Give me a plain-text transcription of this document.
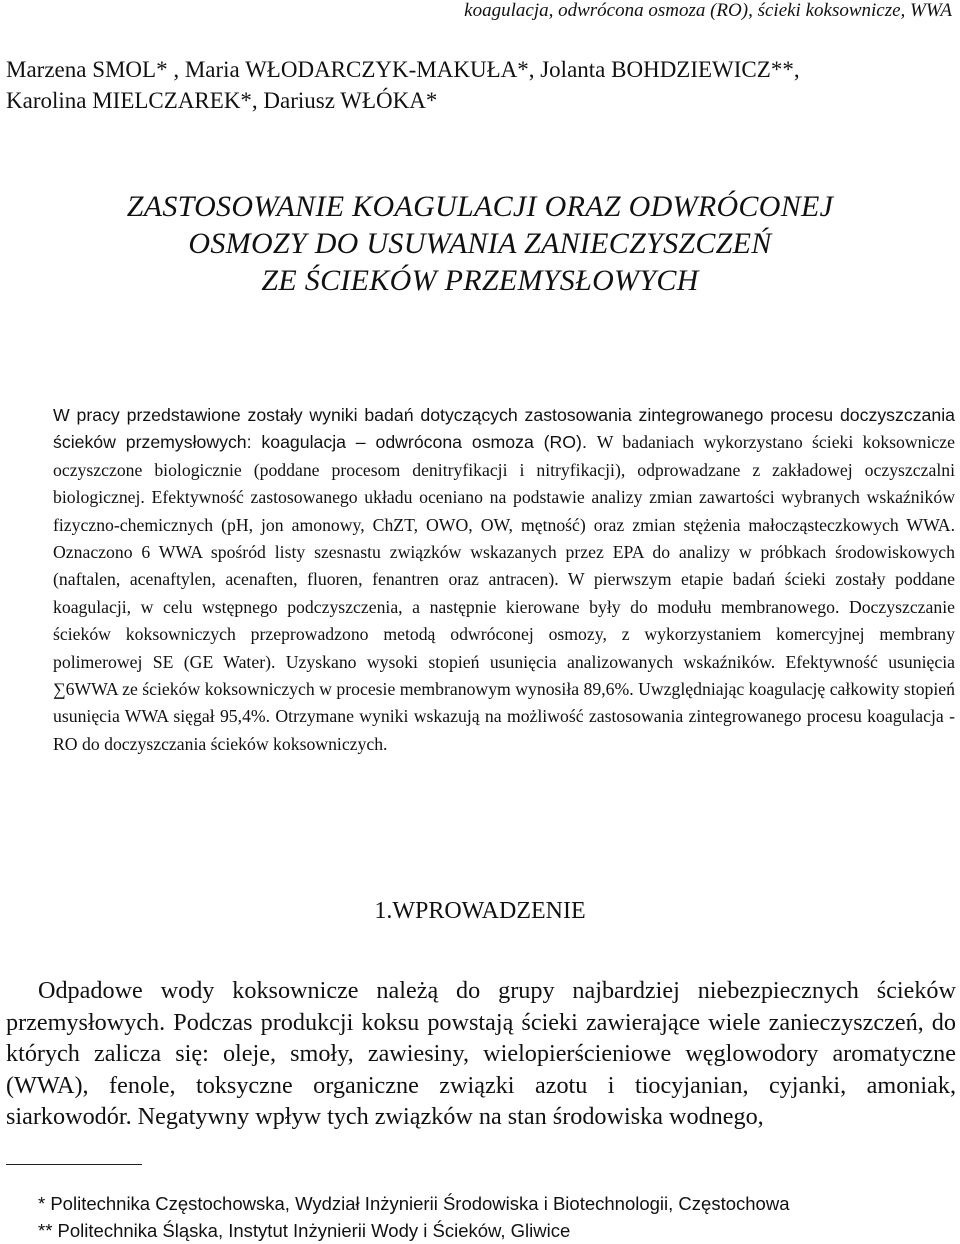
koagulacja, odwrócona osmoza (RO), ścieki koksownicze, WWA
Marzena SMOL* , Maria WŁODARCZYK-MAKUŁA*, Jolanta BOHDZIEWICZ**,
Karolina MIELCZAREK*, Dariusz WŁÓKA*
ZASTOSOWANIE KOAGULACJI ORAZ ODWRÓCONEJ
OSMOZY DO USUWANIA ZANIECZYSZCZEŃ
ZE ŚCIEKÓW PRZEMYSŁOWYCH
W pracy przedstawione zostały wyniki badań dotyczących zastosowania zintegrowanego procesu doczyszczania ścieków przemysłowych: koagulacja – odwrócona osmoza (RO). W badaniach wykorzystano ścieki koksownicze oczyszczone biologicznie (poddane procesom denitryfikacji i nitryfikacji), odprowadzane z zakładowej oczyszczalni biologicznej. Efektywność zastosowanego układu oceniano na podstawie analizy zmian zawartości wybranych wskaźników fizyczno-chemicznych (pH, jon amonowy, ChZT, OWO, OW, mętność) oraz zmian stężenia małocząsteczkowych WWA. Oznaczono 6 WWA spośród listy szesnastu związków wskazanych przez EPA do analizy w próbkach środowiskowych (naftalen, acenaftylen, acenaften, fluoren, fenantren oraz antracen). W pierwszym etapie badań ścieki zostały poddane koagulacji, w celu wstępnego podczyszczenia, a następnie kierowane były do modułu membranowego. Doczyszczanie ścieków koksowniczych przeprowadzono metodą odwróconej osmozy, z wykorzystaniem komercyjnej membrany polimerowej SE (GE Water). Uzyskano wysoki stopień usunięcia analizowanych wskaźników. Efektywność usunięcia ∑6WWA ze ścieków koksowniczych w procesie membranowym wynosiła 89,6%. Uwzględniając koagulację całkowity stopień usunięcia WWA sięgał 95,4%. Otrzymane wyniki wskazują na możliwość zastosowania zintegrowanego procesu koagulacja - RO do doczyszczania ścieków koksowniczych.
1.WPROWADZENIE
Odpadowe wody koksownicze należą do grupy najbardziej niebezpiecznych ścieków przemysłowych. Podczas produkcji koksu powstają ścieki zawierające wiele zanieczyszczeń, do których zalicza się: oleje, smoły, zawiesiny, wielopierścieniowe węglowodory aromatyczne (WWA), fenole, toksyczne organiczne związki azotu i tiocyjanian, cyjanki, amoniak, siarkowodór. Negatywny wpływ tych związków na stan środowiska wodnego,
* Politechnika Częstochowska, Wydział Inżynierii Środowiska i Biotechnologii, Częstochowa
** Politechnika Śląska, Instytut Inżynierii Wody i Ścieków, Gliwice
